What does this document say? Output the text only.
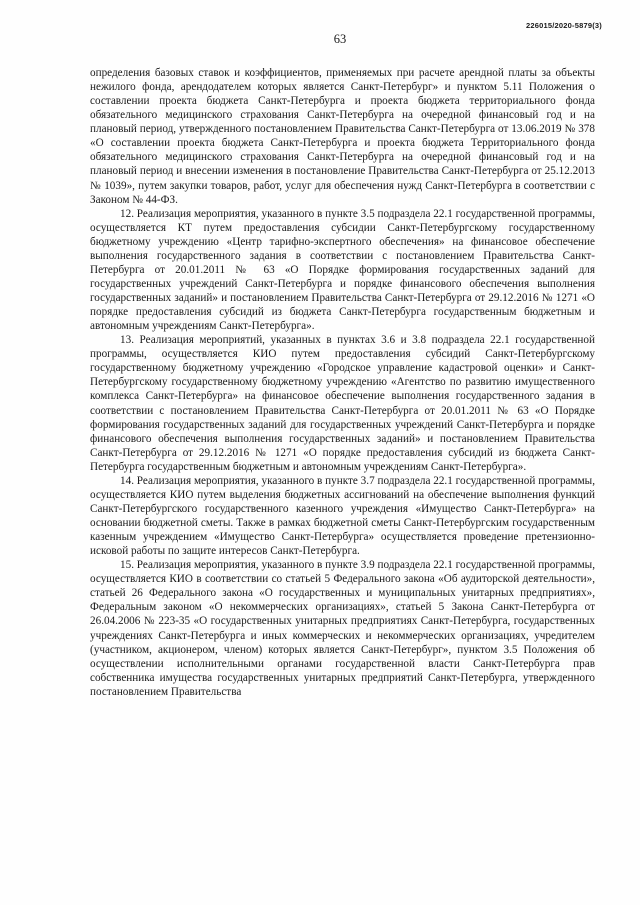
226015/2020-5879(3)
63

определения базовых ставок и коэффициентов, применяемых при расчете арендной платы за объекты нежилого фонда, арендодателем которых является Санкт-Петербург» и пунктом 5.11 Положения о составлении проекта бюджета Санкт-Петербурга и проекта бюджета территориального фонда обязательного медицинского страхования Санкт-Петербурга на очередной финансовый год и на плановый период, утвержденного постановлением Правительства Санкт-Петербурга от 13.06.2019 № 378 «О составлении проекта бюджета Санкт-Петербурга и проекта бюджета Территориального фонда обязательного медицинского страхования Санкт-Петербурга на очередной финансовый год и на плановый период и внесении изменения в постановление Правительства Санкт-Петербурга от 25.12.2013 № 1039», путем закупки товаров, работ, услуг для обеспечения нужд Санкт-Петербурга в соответствии с Законом № 44-ФЗ.

12. Реализация мероприятия, указанного в пункте 3.5 подраздела 22.1 государственной программы, осуществляется КТ путем предоставления субсидии Санкт-Петербургскому государственному бюджетному учреждению «Центр тарифно-экспертного обеспечения» на финансовое обеспечение выполнения государственного задания в соответствии с постановлением Правительства Санкт-Петербурга от 20.01.2011 № 63 «О Порядке формирования государственных заданий для государственных учреждений Санкт-Петербурга и порядке финансового обеспечения выполнения государственных заданий» и постановлением Правительства Санкт-Петербурга от 29.12.2016 № 1271 «О порядке предоставления субсидий из бюджета Санкт-Петербурга государственным бюджетным и автономным учреждениям Санкт-Петербурга».

13. Реализация мероприятий, указанных в пунктах 3.6 и 3.8 подраздела 22.1 государственной программы, осуществляется КИО путем предоставления субсидий Санкт-Петербургскому государственному бюджетному учреждению «Городское управление кадастровой оценки» и Санкт-Петербургскому государственному бюджетному учреждению «Агентство по развитию имущественного комплекса Санкт-Петербурга» на финансовое обеспечение выполнения государственного задания в соответствии с постановлением Правительства Санкт-Петербурга от 20.01.2011 № 63 «О Порядке формирования государственных заданий для государственных учреждений Санкт-Петербурга и порядке финансового обеспечения выполнения государственных заданий» и постановлением Правительства Санкт-Петербурга от 29.12.2016 № 1271 «О порядке предоставления субсидий из бюджета Санкт-Петербурга государственным бюджетным и автономным учреждениям Санкт-Петербурга».

14. Реализация мероприятия, указанного в пункте 3.7 подраздела 22.1 государственной программы, осуществляется КИО путем выделения бюджетных ассигнований на обеспечение выполнения функций Санкт-Петербургского государственного казенного учреждения «Имущество Санкт-Петербурга» на основании бюджетной сметы. Также в рамках бюджетной сметы Санкт-Петербургским государственным казенным учреждением «Имущество Санкт-Петербурга» осуществляется проведение претензионно-исковой работы по защите интересов Санкт-Петербурга.

15. Реализация мероприятия, указанного в пункте 3.9 подраздела 22.1 государственной программы, осуществляется КИО в соответствии со статьей 5 Федерального закона «Об аудиторской деятельности», статьей 26 Федерального закона «О государственных и муниципальных унитарных предприятиях», Федеральным законом «О некоммерческих организациях», статьей 5 Закона Санкт-Петербурга от 26.04.2006 № 223-35 «О государственных унитарных предприятиях Санкт-Петербурга, государственных учреждениях Санкт-Петербурга и иных коммерческих и некоммерческих организациях, учредителем (участником, акционером, членом) которых является Санкт-Петербург», пунктом 3.5 Положения об осуществлении исполнительными органами государственной власти Санкт-Петербурга прав собственника имущества государственных унитарных предприятий Санкт-Петербурга, утвержденного постановлением Правительства
